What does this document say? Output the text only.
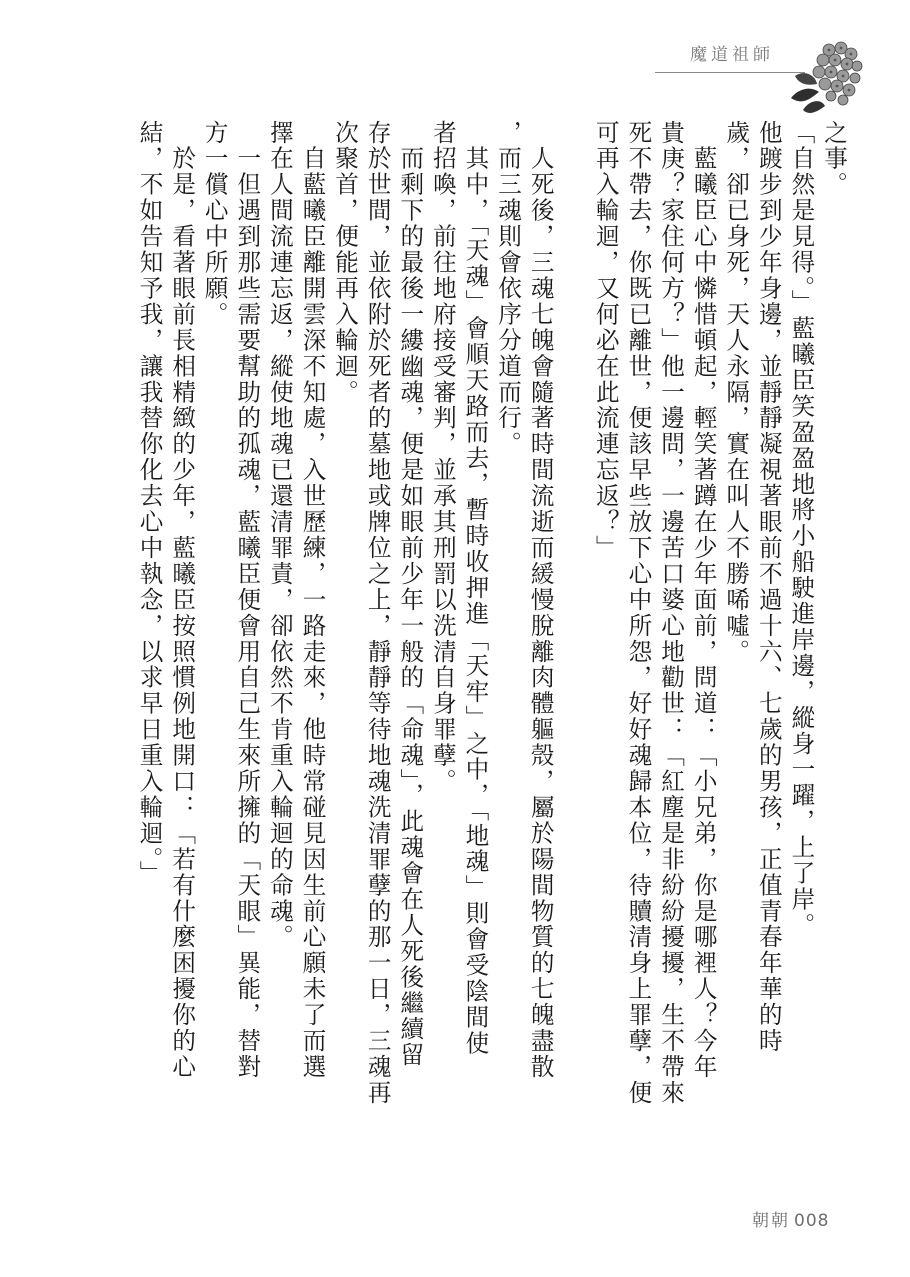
魔道祖師
之事。
「自然是見得。」藍曦臣笑盈盈地將小船駛進岸邊，縱身一躍，上了岸。
他踱步到少年身邊，並靜靜凝視著眼前不過十六、七歲的男孩，正值青春年華的時
歲，卻已身死，天人永隔，實在叫人不勝唏噓。
　藍曦臣心中憐惜頓起，輕笑著蹲在少年面前，問道：「小兄弟，你是哪裡人？今年
貴庚？家住何方？」他一邊問，一邊苦口婆心地勸世：「紅塵是非紛紛擾擾，生不帶來
死不帶去，你既已離世，便該早些放下心中所怨，好好魂歸本位，待贖清身上罪孽，便
可再入輪迴，又何必在此流連忘返？」
　人死後，三魂七魄會隨著時間流逝而緩慢脫離肉體軀殼，屬於陽間物質的七魄盡散
，而三魂則會依序分道而行。
　其中，「天魂」會順天路而去，暫時收押進「天牢」之中，「地魂」則會受陰間使
者招喚，前往地府接受審判，並承其刑罰以洗清自身罪孽。
　而剩下的最後一縷幽魂，便是如眼前少年一般的「命魂」，此魂會在人死後繼續留
存於世間，並依附於死者的墓地或牌位之上，靜靜等待地魂洗清罪孽的那一日，三魂再
次聚首，便能再入輪迴。
　自藍曦臣離開雲深不知處，入世歷練，一路走來，他時常碰見因生前心願未了而選
擇在人間流連忘返，縱使地魂已還清罪責，卻依然不肯重入輪迴的命魂。
　一但遇到那些需要幫助的孤魂，藍曦臣便會用自己生來所擁的「天眼」異能，替對
方一償心中所願。
　於是，看著眼前長相精緻的少年，藍曦臣按照慣例地開口：「若有什麼困擾你的心
結，不如告知予我，讓我替你化去心中執念，以求早日重入輪迴。」
朝朝 008
